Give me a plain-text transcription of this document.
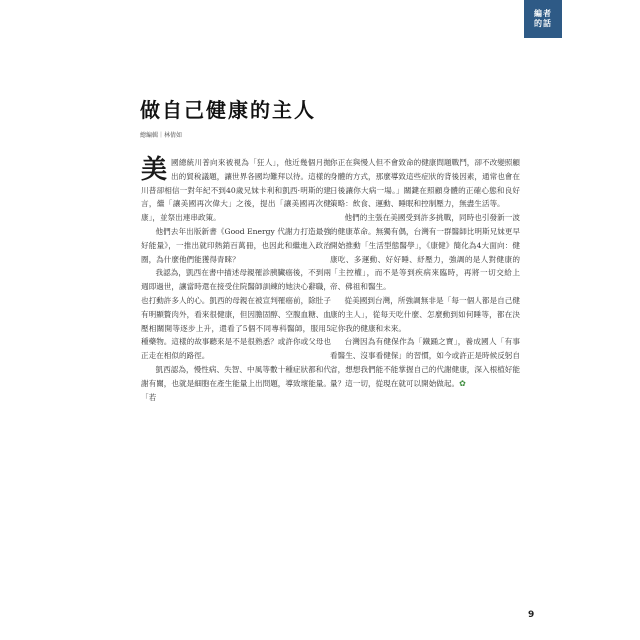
編者
的話
做自己健康的主人
總編輯｜林倩如

美國總統川普向來被視為「狂人」，他近幾個月拋出的貿稅議題，讓世界各國均難拜以待。這樣的川普卻相信一對年紀不到40歲兄妹卡利和凱西·明斯的建言，繼「讓美國再次偉大」之後，提出「讓美國再次健康」，並祭出連串政策。

他們去年出版新書《Good Energy 代謝力打造最強好能量》，一推出就印熱銷百萬冊，也因此和繼進入政治圈，為什麼他們能獲得青睞？

我認為，凱西在書中描述母親罹診胰臟癌後，不到兩週即過世，讓當時還在接受住院醫師訓練的她決心辭職，也打動許多人的心。凱西的母親在被宣判罹癌前，除肚子有明顯贅肉外，看來很健康，但因膽固醇、空腹血糖、血壓相關開等逐步上升，還看了5個不同專科醫師，服用5種藥物。這樣的故事聽來是不是很熟悉？或許你或父母也正走在相似的路徑。

凱西認為，慢性病、失智、中風等數十種症狀都和代謝有關，也就是細胞在產生能量上出問題，導致壞能量。「若

你正在與慢人但不會致命的健康問題戰鬥，卻不改變照顧身體的方式，那麼導致這些症狀的背後因素，通常也會在日後讓你大病一場。」關鍵在照顧身體的正確心態和良好策略：飲食、運動、睡眠和控制壓力，無盡生活等。

他們的主張在美國受到許多挑戰，同時也引發新一波的健康革命。無獨有偶，台灣有一群醫師比明斯兄妹更早開始推動「生活型態醫學」，《康健》簡化為4大面向：健康吃、多運動、好好睡、紓壓力，強調的是人對健康的「主控權」，而不是等到疾病來臨時，再將一切交給上帝、佛祖和醫生。

從美國到台灣，所強調無非是「每一個人都是自己健康的主人」，從每天吃什麼、怎麼動到如何睡等，都在決定你我的健康和未來。

台灣因為有健保作為「鐵踊之寶」，養成國人「有事看醫生、沒事看健保」的習慣，如今或許正是時候反躬自省，想想我們能不能掌握自己的代謝健康，深入根植好能量？這一切，從現在就可以開始做起。✿

9
